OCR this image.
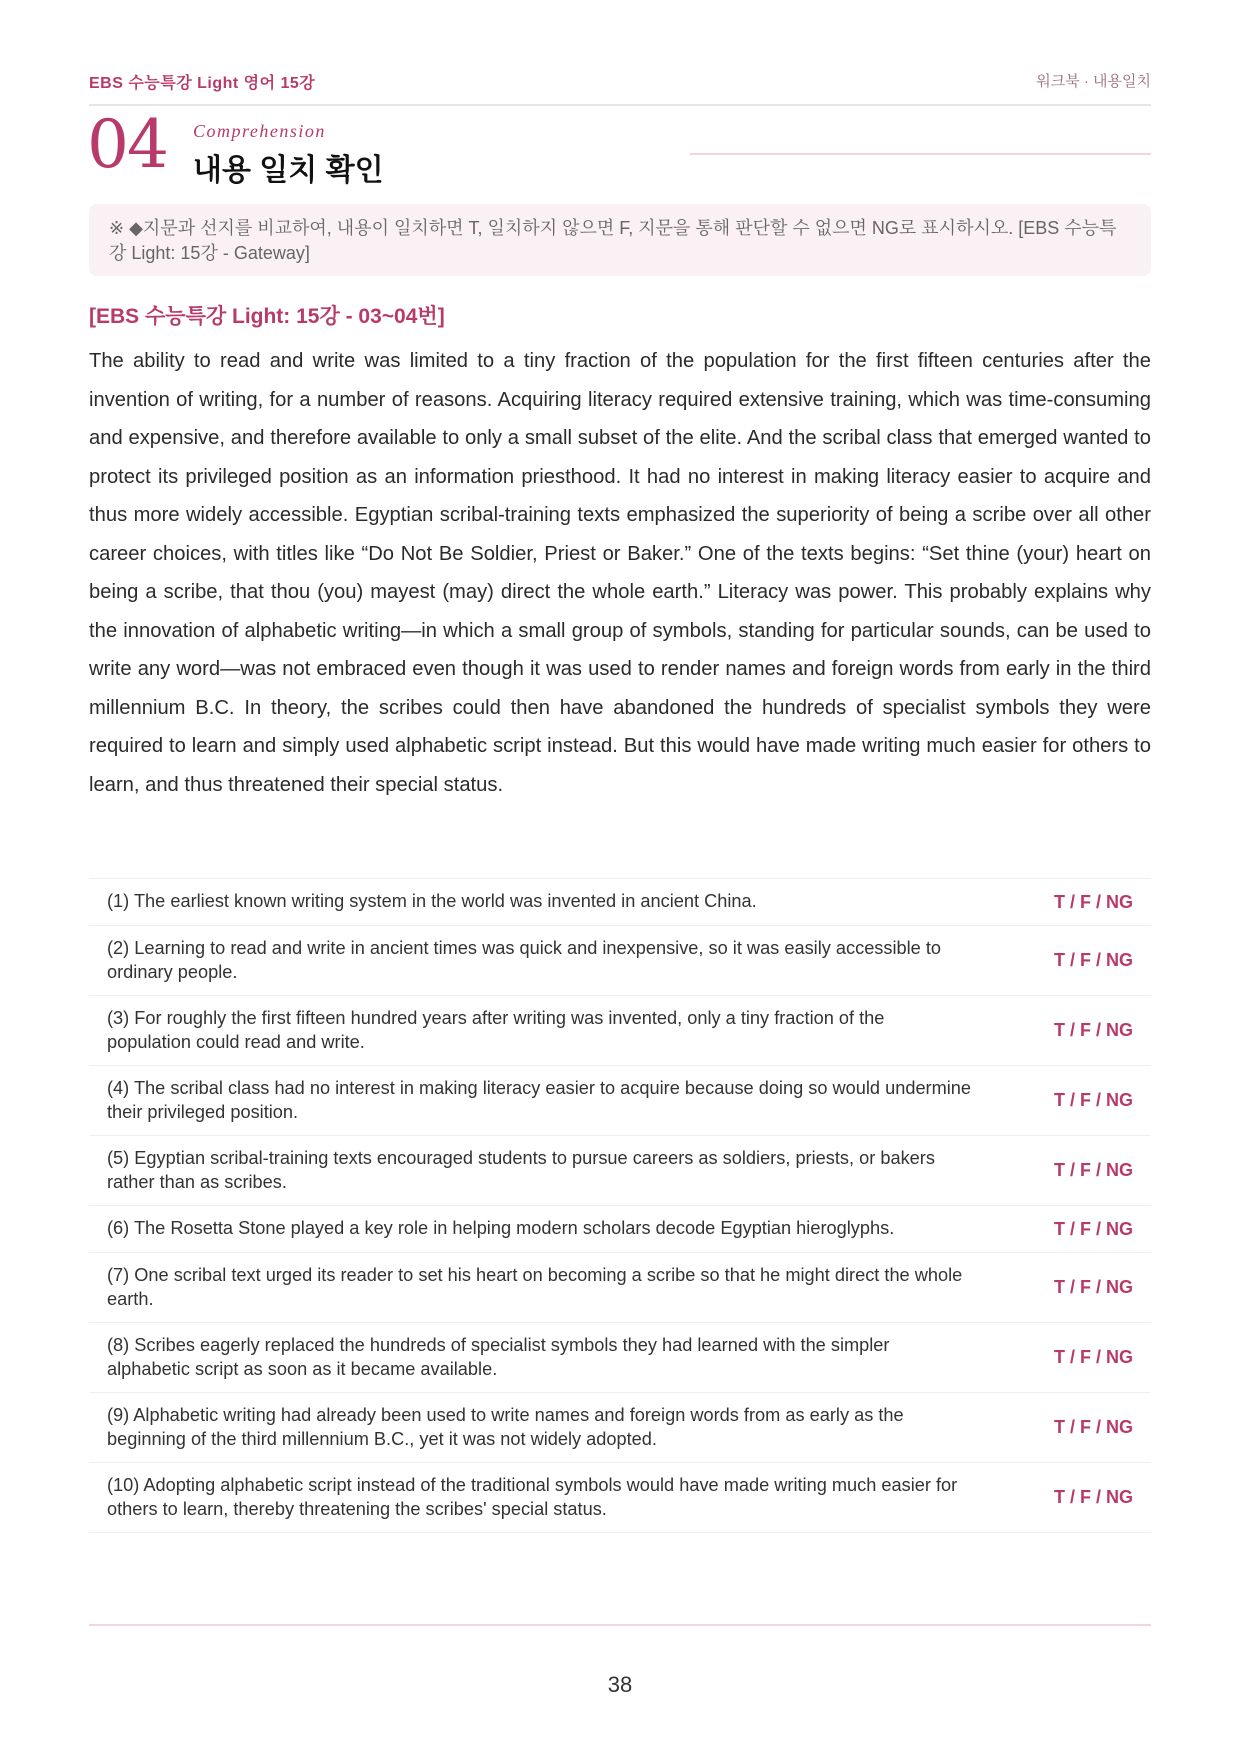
EBS 수능특강 Light 영어 15강	워크북 · 내용일치
04 Comprehension
내용 일치 확인
※ ◆지문과 선지를 비교하여, 내용이 일치하면 T, 일치하지 않으면 F, 지문을 통해 판단할 수 없으면 NG로 표시하시오. [EBS 수능특강 Light: 15강 - Gateway]
[EBS 수능특강 Light: 15강 - 03~04번]

The ability to read and write was limited to a tiny fraction of the population for the first fifteen centuries after the invention of writing, for a number of reasons. Acquiring literacy required extensive training, which was time-consuming and expensive, and therefore available to only a small subset of the elite. And the scribal class that emerged wanted to protect its privileged position as an information priesthood. It had no interest in making literacy easier to acquire and thus more widely accessible. Egyptian scribal-training texts emphasized the superiority of being a scribe over all other career choices, with titles like “Do Not Be Soldier, Priest or Baker.” One of the texts begins: “Set thine (your) heart on being a scribe, that thou (you) mayest (may) direct the whole earth.” Literacy was power. This probably explains why the innovation of alphabetic writing—in which a small group of symbols, standing for particular sounds, can be used to write any word—was not embraced even though it was used to render names and foreign words from early in the third millennium B.C. In theory, the scribes could then have abandoned the hundreds of specialist symbols they were required to learn and simply used alphabetic script instead. But this would have made writing much easier for others to learn, and thus threatened their special status.

(1) The earliest known writing system in the world was invented in ancient China.	T / F / NG
(2) Learning to read and write in ancient times was quick and inexpensive, so it was easily accessible to ordinary people.	T / F / NG
(3) For roughly the first fifteen hundred years after writing was invented, only a tiny fraction of the population could read and write.	T / F / NG
(4) The scribal class had no interest in making literacy easier to acquire because doing so would undermine their privileged position.	T / F / NG
(5) Egyptian scribal-training texts encouraged students to pursue careers as soldiers, priests, or bakers rather than as scribes.	T / F / NG
(6) The Rosetta Stone played a key role in helping modern scholars decode Egyptian hieroglyphs.	T / F / NG
(7) One scribal text urged its reader to set his heart on becoming a scribe so that he might direct the whole earth.	T / F / NG
(8) Scribes eagerly replaced the hundreds of specialist symbols they had learned with the simpler alphabetic script as soon as it became available.	T / F / NG
(9) Alphabetic writing had already been used to write names and foreign words from as early as the beginning of the third millennium B.C., yet it was not widely adopted.	T / F / NG
(10) Adopting alphabetic script instead of the traditional symbols would have made writing much easier for others to learn, thereby threatening the scribes' special status.	T / F / NG
38
